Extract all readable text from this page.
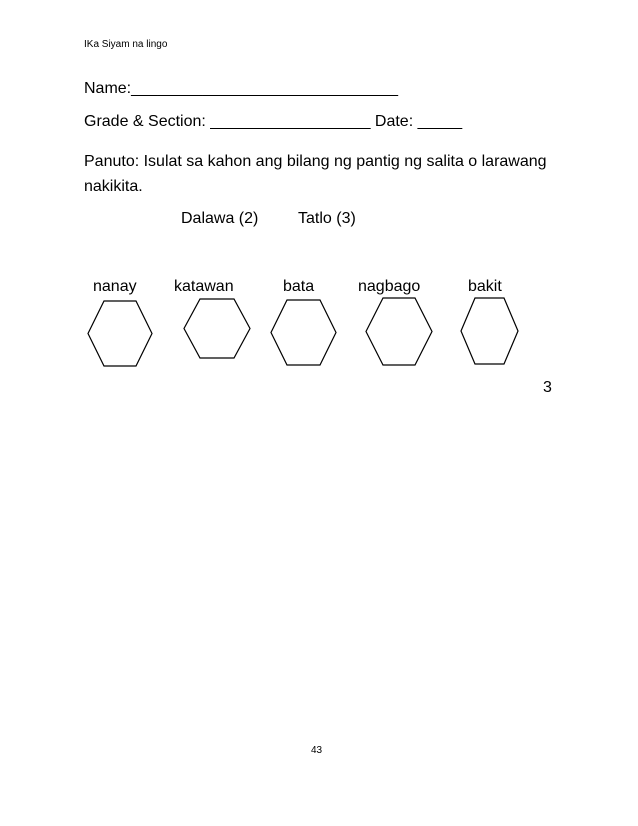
IKa Siyam na lingo
Name:______________________________
Grade & Section: __________________ Date: _____
Panuto: Isulat sa kahon ang bilang ng pantig ng salita o larawang nakikita.
Dalawa (2) Tatlo (3)
nanay katawan	bata	nagbago	bakit
3
43
